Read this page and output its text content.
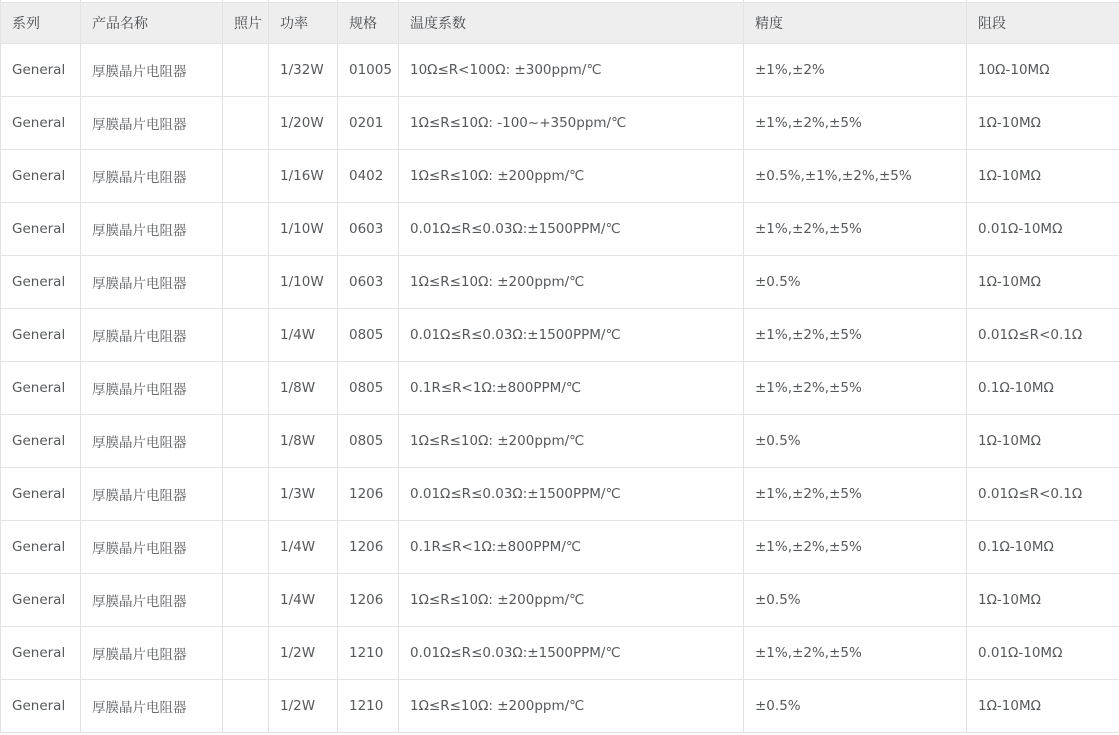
系列	产品名称	照片	功率	规格	温度系数	精度	阻段
General	厚膜晶片电阻器		1/32W	01005	10Ω≤R<100Ω: ±300ppm/℃	±1%,±2%	10Ω-10MΩ
General	厚膜晶片电阻器		1/20W	0201	1Ω≤R≤10Ω: -100~+350ppm/℃	±1%,±2%,±5%	1Ω-10MΩ
General	厚膜晶片电阻器		1/16W	0402	1Ω≤R≤10Ω: ±200ppm/℃	±0.5%,±1%,±2%,±5%	1Ω-10MΩ
General	厚膜晶片电阻器		1/10W	0603	0.01Ω≤R≤0.03Ω:±1500PPM/℃	±1%,±2%,±5%	0.01Ω-10MΩ
General	厚膜晶片电阻器		1/10W	0603	1Ω≤R≤10Ω: ±200ppm/℃	±0.5%	1Ω-10MΩ
General	厚膜晶片电阻器		1/4W	0805	0.01Ω≤R≤0.03Ω:±1500PPM/℃	±1%,±2%,±5%	0.01Ω≤R<0.1Ω
General	厚膜晶片电阻器		1/8W	0805	0.1R≤R<1Ω:±800PPM/℃	±1%,±2%,±5%	0.1Ω-10MΩ
General	厚膜晶片电阻器		1/8W	0805	1Ω≤R≤10Ω: ±200ppm/℃	±0.5%	1Ω-10MΩ
General	厚膜晶片电阻器		1/3W	1206	0.01Ω≤R≤0.03Ω:±1500PPM/℃	±1%,±2%,±5%	0.01Ω≤R<0.1Ω
General	厚膜晶片电阻器		1/4W	1206	0.1R≤R<1Ω:±800PPM/℃	±1%,±2%,±5%	0.1Ω-10MΩ
General	厚膜晶片电阻器		1/4W	1206	1Ω≤R≤10Ω: ±200ppm/℃	±0.5%	1Ω-10MΩ
General	厚膜晶片电阻器		1/2W	1210	0.01Ω≤R≤0.03Ω:±1500PPM/℃	±1%,±2%,±5%	0.01Ω-10MΩ
General	厚膜晶片电阻器		1/2W	1210	1Ω≤R≤10Ω: ±200ppm/℃	±0.5%	1Ω-10MΩ
